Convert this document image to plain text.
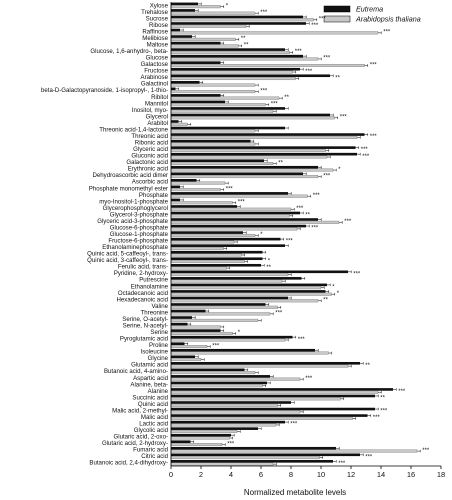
Eutrema
Arabidopsis thaliana
Xylose	*
Trehalose	***
Sucrose	***
Ribose	***
Raffinose	***
Melibiose	**
Maltose	**
Glucose, 1,6-anhydro-, beta-	***
Glucose	***
Galactose	***
Fructose	***
Arabinose	**
Galactinol
beta-D-Galactopyranoside, 1-isopropyl-, 1-thio-	***
Ribitol	**
Mannitol	***
Inositol, myo-
Glycerol	***
Arabitol
Threonic acid-1,4-lactone
Threonic acid	***
Ribonic acid
Glyceric acid	***
Gluconic acid	***
Galactonic acid	**
Erythronic acid	*
Dehydroascorbic acid dimer	***
Ascorbic acid
Phosphate monomethyl ester	***
Phosphate	***
myo-Inositol-1-phosphate	***
Glycerophosphoglycerol	***
Glycerol-3-phosphate	**
Glyceric acid-3-phosphate	***
Glucose-6-phosphate	***
Glucose-1-phosphate	*
Fructose-6-phosphate	***
Ethanolaminephosphate
Quinic acid, 5-caffeoyl-, trans-
Quinic acid, 3-caffeoyl-, trans-	*
Ferulic acid, trans-	**
Pyridine, 2-hydroxy-	***
Putrescine
Ethanolamine	*
Octadecanoic acid	*
Hexadecanoic acid	**
Valine
Threonine	***
Serine, O-acetyl-
Serine, N-acetyl-
Serine	*
Pyroglutamic acid	***
Proline	***
Isoleucine
Glycine
Glutamic acid	**
Butanoic acid, 4-amino-
Aspartic acid	***
Alanine, beta-
Alanine	***
Succinic acid	**
Quinic acid
Malic acid, 2-methyl-	***
Malic acid	***
Lactic acid	***
Glycolic acid
Glutaric acid, 2-oxo-
Glutaric acid, 2-hydroxy-	***
Fumaric acid	***
Citric acid	***
Butanoic acid, 2,4-dihydroxy-	***
0	2	4	6	8	10	12	14	16	18
Normalized metabolite levels
